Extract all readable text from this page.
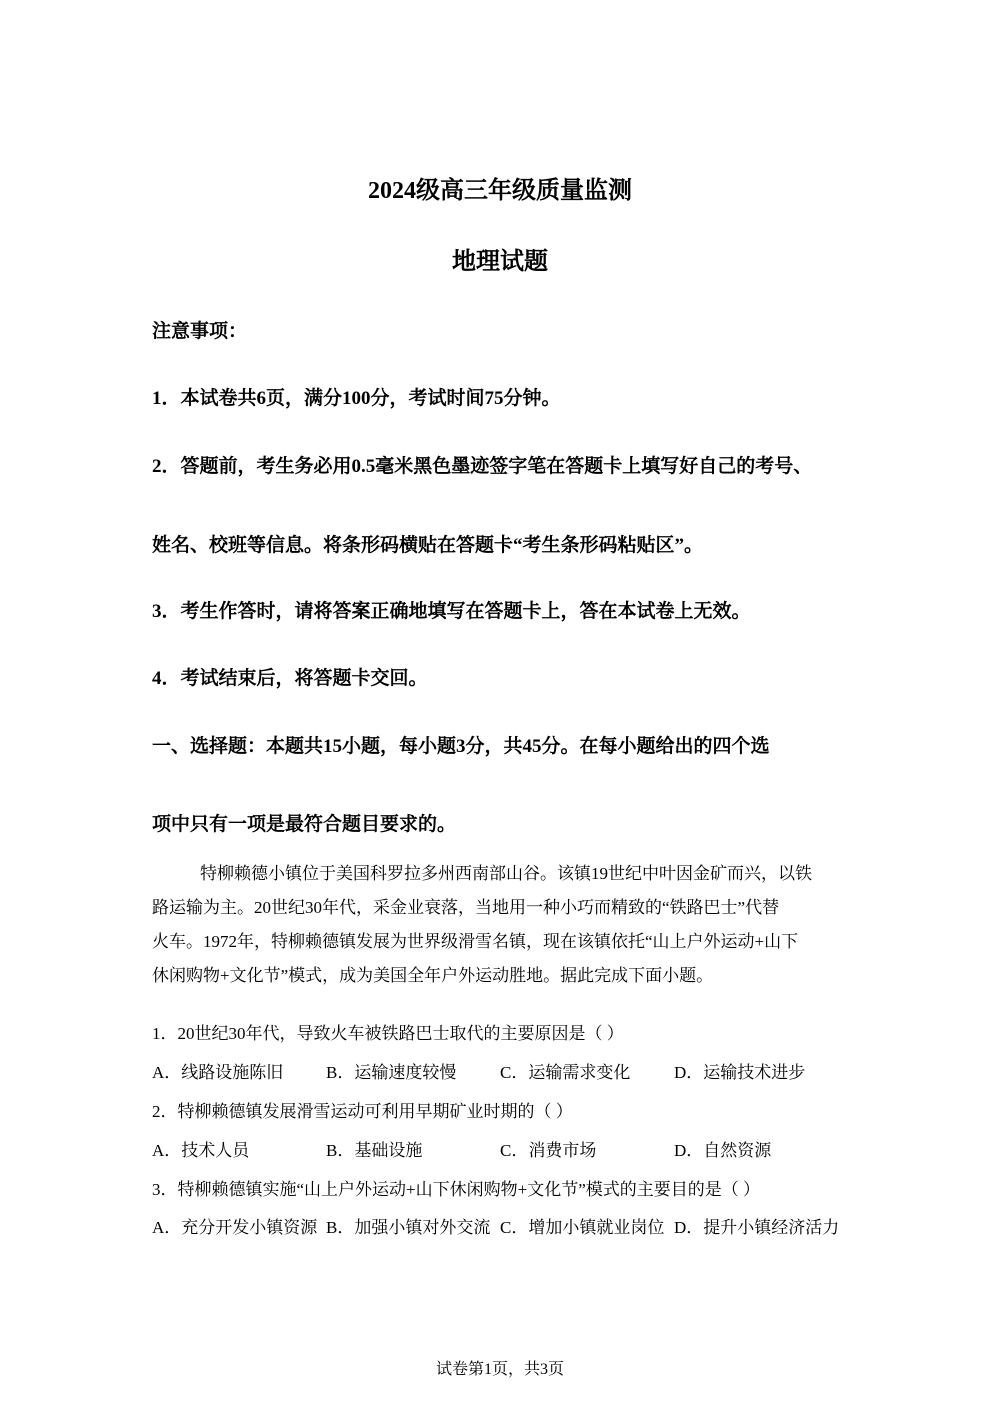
2024级高三年级质量监测
地理试题
注意事项：
1．本试卷共6页，满分100分，考试时间75分钟。
2．答题前，考生务必用0.5毫米黑色墨迹签字笔在答题卡上填写好自己的考号、
姓名、校班等信息。将条形码横贴在答题卡“考生条形码粘贴区”。
3．考生作答时，请将答案正确地填写在答题卡上，答在本试卷上无效。
4．考试结束后，将答题卡交回。
一、选择题：本题共15小题，每小题3分，共45分。在每小题给出的四个选
项中只有一项是最符合题目要求的。

特柳赖德小镇位于美国科罗拉多州西南部山谷。该镇19世纪中叶因金矿而兴，以铁

路运输为主。20世纪30年代，采金业衰落，当地用一种小巧而精致的“铁路巴士”代替

火车。1972年，特柳赖德镇发展为世界级滑雪名镇，现在该镇依托“山上户外运动+山下

休闲购物+文化节”模式，成为美国全年户外运动胜地。据此完成下面小题。

1．20世纪30年代，导致火车被铁路巴士取代的主要原因是（ ）
A．线路设施陈旧	B．运输速度较慢	C．运输需求变化	D．运输技术进步
2．特柳赖德镇发展滑雪运动可利用早期矿业时期的（ ）
A．技术人员	B．基础设施	C．消费市场	D．自然资源
3．特柳赖德镇实施“山上户外运动+山下休闲购物+文化节”模式的主要目的是（ ）
A．充分开发小镇资源 B．加强小镇对外交流 C．增加小镇就业岗位 D．提升小镇经济活力
试卷第1页，共3页
